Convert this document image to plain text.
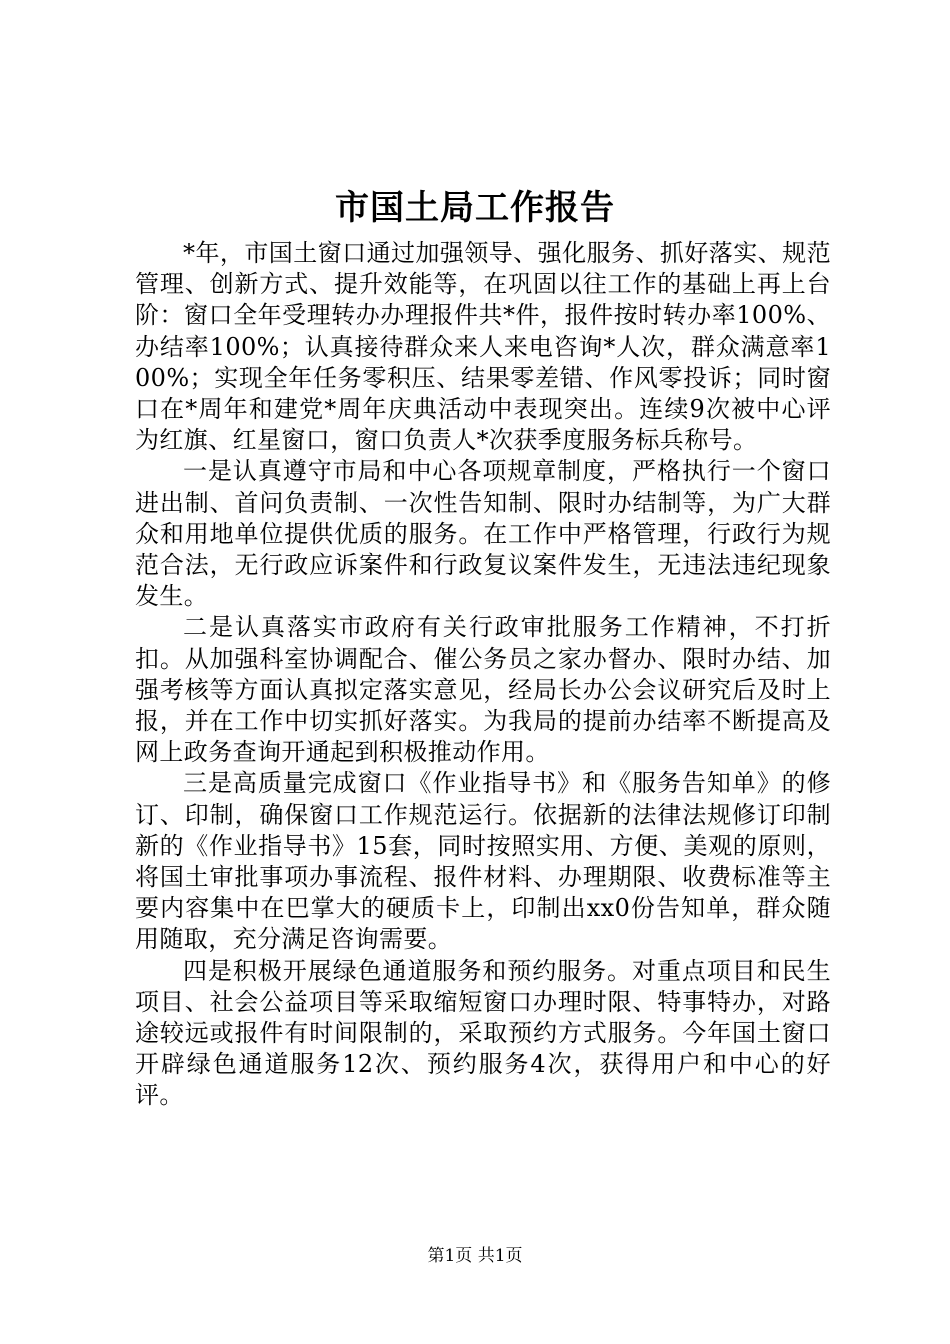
市国土局工作报告

*年，市国土窗口通过加强领导、强化服务、抓好落实、规范管理、创新方式、提升效能等，在巩固以往工作的基础上再上台阶：窗口全年受理转办办理报件共*件，报件按时转办率100%、办结率100%；认真接待群众来人来电咨询*人次，群众满意率100%；实现全年任务零积压、结果零差错、作风零投诉；同时窗口在*周年和建党*周年庆典活动中表现突出。连续9次被中心评为红旗、红星窗口，窗口负责人*次获季度服务标兵称号。

一是认真遵守市局和中心各项规章制度，严格执行一个窗口进出制、首问负责制、一次性告知制、限时办结制等，为广大群众和用地单位提供优质的服务。在工作中严格管理，行政行为规范合法，无行政应诉案件和行政复议案件发生，无违法违纪现象发生。

二是认真落实市政府有关行政审批服务工作精神，不打折扣。从加强科室协调配合、催公务员之家办督办、限时办结、加强考核等方面认真拟定落实意见，经局长办公会议研究后及时上报，并在工作中切实抓好落实。为我局的提前办结率不断提高及网上政务查询开通起到积极推动作用。

三是高质量完成窗口《作业指导书》和《服务告知单》的修订、印制，确保窗口工作规范运行。依据新的法律法规修订印制新的《作业指导书》15套，同时按照实用、方便、美观的原则，将国土审批事项办事流程、报件材料、办理期限、收费标准等主要内容集中在巴掌大的硬质卡上，印制出xx0份告知单，群众随用随取，充分满足咨询需要。

四是积极开展绿色通道服务和预约服务。对重点项目和民生项目、社会公益项目等采取缩短窗口办理时限、特事特办，对路途较远或报件有时间限制的，采取预约方式服务。今年国土窗口开辟绿色通道服务12次、预约服务4次，获得用户和中心的好评。

第1页 共1页
